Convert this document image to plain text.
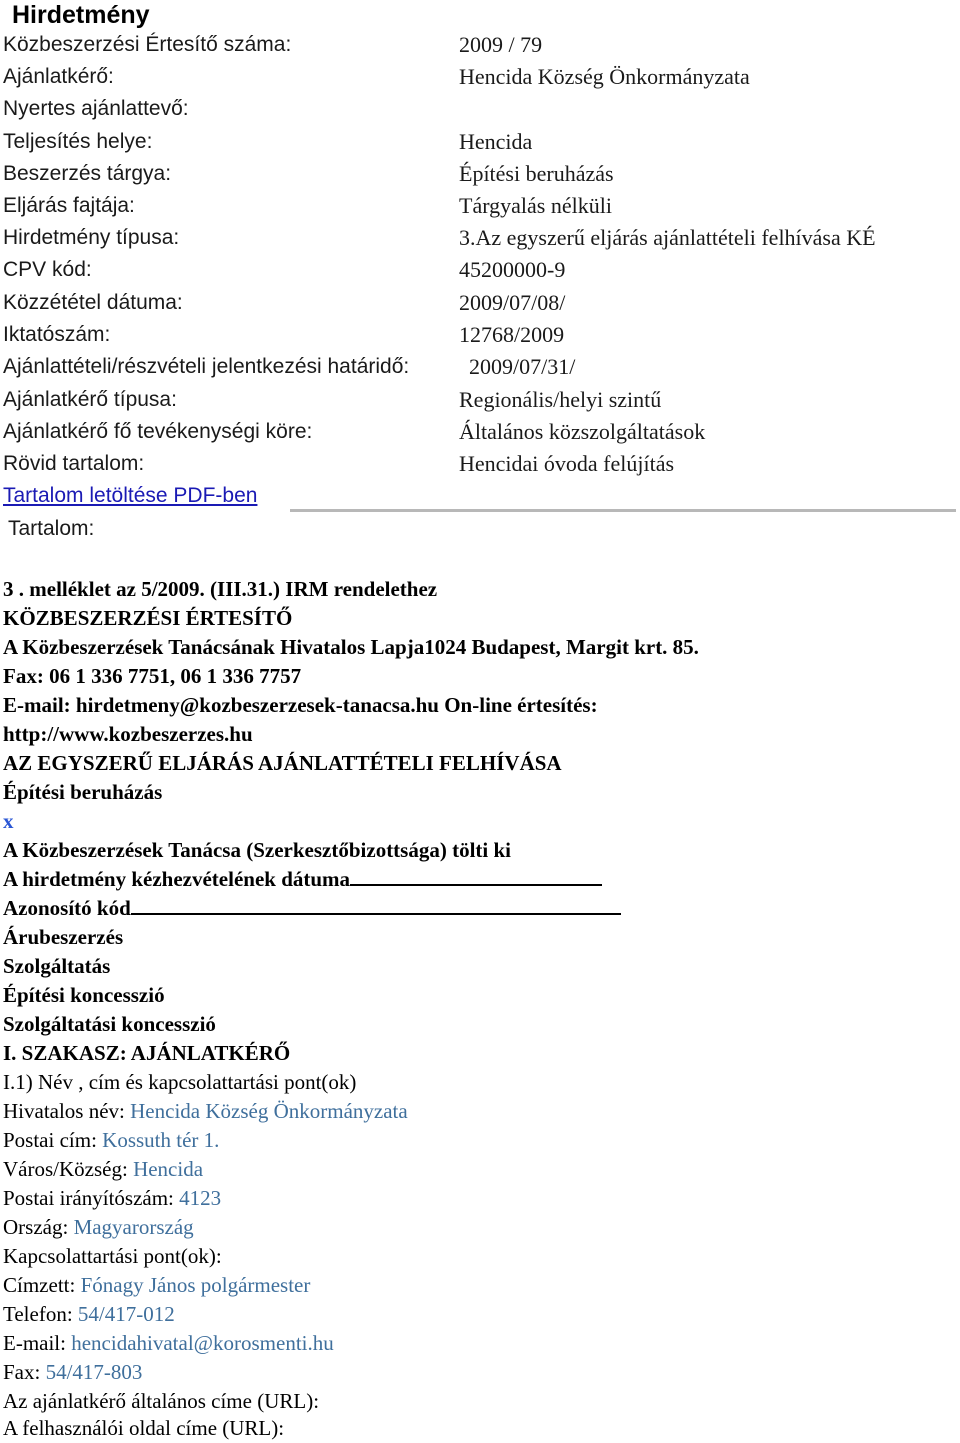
Hirdetmény
Közbeszerzési Értesítő száma:	2009 / 79
Ajánlatkérő:	Hencida Község Önkormányzata
Nyertes ajánlattevő:
Teljesítés helye:	Hencida
Beszerzés tárgya:	Építési beruházás
Eljárás fajtája:	Tárgyalás nélküli
Hirdetmény típusa:	3.Az egyszerű eljárás ajánlattételi felhívása KÉ
CPV kód:	45200000-9
Közzététel dátuma:	2009/07/08/
Iktatószám:	12768/2009
Ajánlattételi/részvételi jelentkezési határidő:	2009/07/31/
Ajánlatkérő típusa:	Regionális/helyi szintű
Ajánlatkérő fő tevékenységi köre:	Általános közszolgáltatások
Rövid tartalom:	Hencidai óvoda felújítás
Tartalom letöltése PDF-ben
Tartalom:
3 . melléklet az 5/2009. (III.31.) IRM rendelethez
KÖZBESZERZÉSI ÉRTESÍTŐ
A Közbeszerzések Tanácsának Hivatalos Lapja1024 Budapest, Margit krt. 85.
Fax: 06 1 336 7751, 06 1 336 7757
E-mail: hirdetmeny@kozbeszerzesek-tanacsa.hu On-line értesítés:
http://www.kozbeszerzes.hu
AZ EGYSZERŰ ELJÁRÁS AJÁNLATTÉTELI FELHÍVÁSA
Építési beruházás
x
A Közbeszerzések Tanácsa (Szerkesztőbizottsága) tölti ki
A hirdetmény kézhezvételének dátuma
Azonosító kód
Árubeszerzés
Szolgáltatás
Építési koncesszió
Szolgáltatási koncesszió
I. SZAKASZ: AJÁNLATKÉRŐ
I.1) Név , cím és kapcsolattartási pont(ok)
Hivatalos név: Hencida Község Önkormányzata
Postai cím: Kossuth tér 1.
Város/Község: Hencida
Postai irányítószám: 4123
Ország: Magyarország
Kapcsolattartási pont(ok):
Címzett: Fónagy János polgármester
Telefon: 54/417-012
E-mail: hencidahivatal@korosmenti.hu
Fax: 54/417-803
Az ajánlatkérő általános címe (URL):
A felhasználói oldal címe (URL):
